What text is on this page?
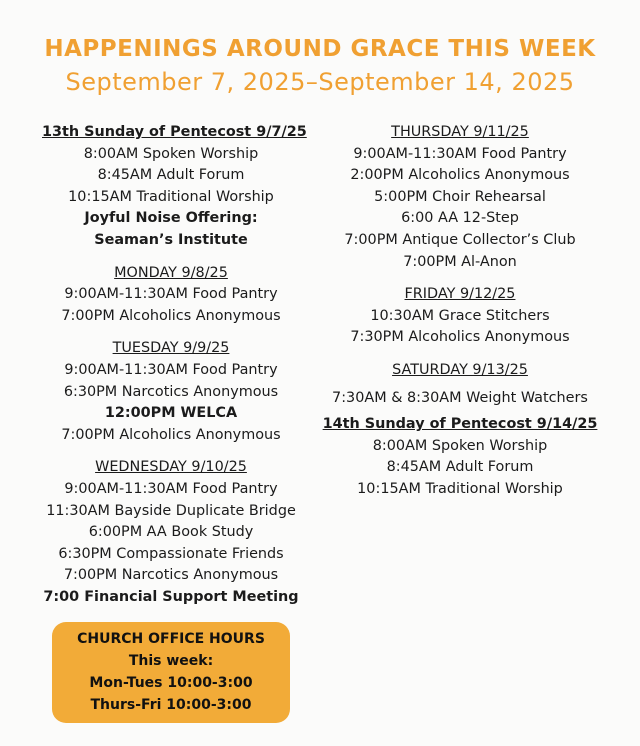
HAPPENINGS AROUND GRACE THIS WEEK
September 7, 2025–September 14, 2025
13th Sunday of Pentecost 9/7/25
8:00AM Spoken Worship
8:45AM Adult Forum
10:15AM Traditional Worship
Joyful Noise Offering:
Seaman’s Institute
MONDAY 9/8/25
9:00AM-11:30AM Food Pantry
7:00PM Alcoholics Anonymous
TUESDAY 9/9/25
9:00AM-11:30AM Food Pantry
6:30PM Narcotics Anonymous
12:00PM WELCA
7:00PM Alcoholics Anonymous
WEDNESDAY 9/10/25
9:00AM-11:30AM Food Pantry
11:30AM Bayside Duplicate Bridge
6:00PM AA Book Study
6:30PM Compassionate Friends
7:00PM Narcotics Anonymous
7:00 Financial Support Meeting
THURSDAY 9/11/25
9:00AM-11:30AM Food Pantry
2:00PM Alcoholics Anonymous
5:00PM Choir Rehearsal
6:00 AA 12-Step
7:00PM Antique Collector’s Club
7:00PM Al-Anon
FRIDAY 9/12/25
10:30AM Grace Stitchers
7:30PM Alcoholics Anonymous
SATURDAY 9/13/25
7:30AM & 8:30AM Weight Watchers
14th Sunday of Pentecost 9/14/25
8:00AM Spoken Worship
8:45AM Adult Forum
10:15AM Traditional Worship
CHURCH OFFICE HOURS
This week:
Mon-Tues 10:00-3:00
Thurs-Fri 10:00-3:00
